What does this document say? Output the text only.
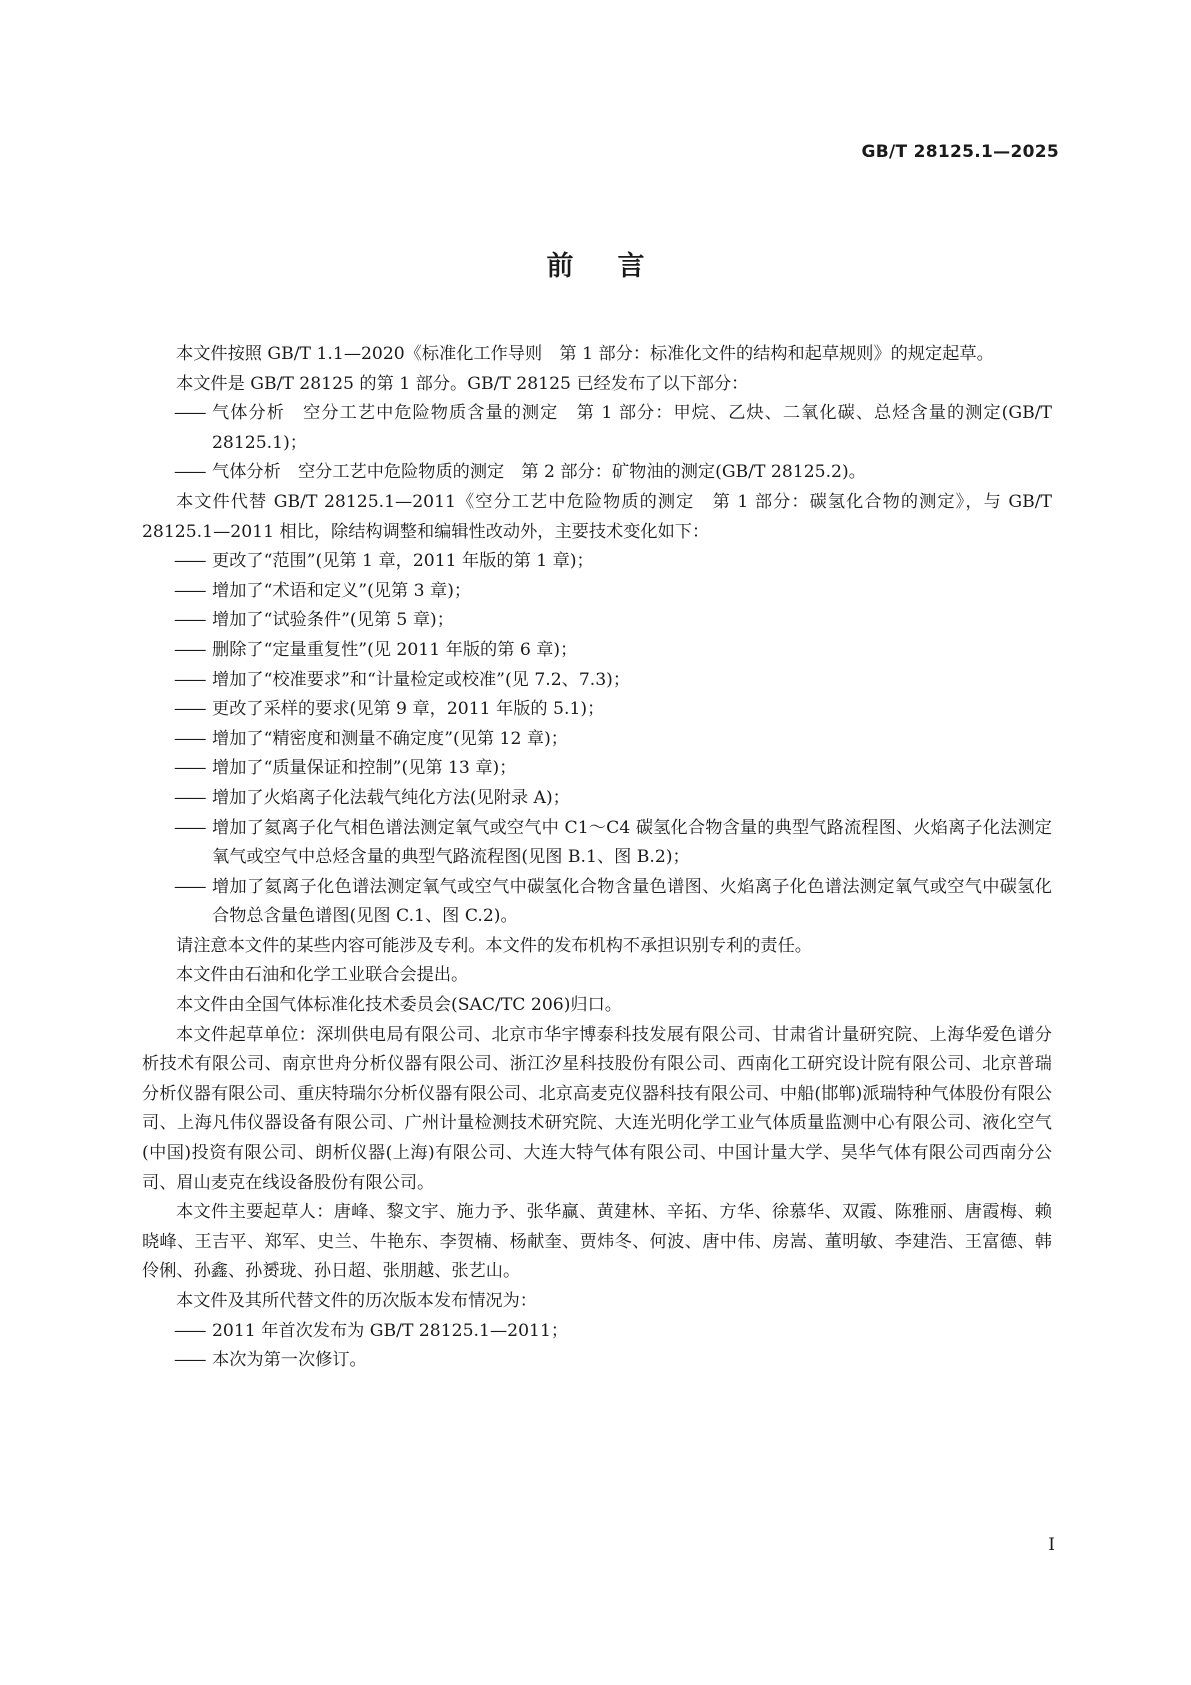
GB/T 28125.1—2025
前言

本文件按照 GB/T 1.1—2020《标准化工作导则　第 1 部分：标准化文件的结构和起草规则》的规定起草。

本文件是 GB/T 28125 的第 1 部分。GB/T 28125 已经发布了以下部分：

—— 气体分析　空分工艺中危险物质含量的测定　第 1 部分：甲烷、乙炔、二氧化碳、总烃含量的测定(GB/T 28125.1)；

—— 气体分析　空分工艺中危险物质的测定　第 2 部分：矿物油的测定(GB/T 28125.2)。

本文件代替 GB/T 28125.1—2011《空分工艺中危险物质的测定　第 1 部分：碳氢化合物的测定》，与 GB/T 28125.1—2011 相比，除结构调整和编辑性改动外，主要技术变化如下：

—— 更改了“范围”(见第 1 章，2011 年版的第 1 章)；

—— 增加了“术语和定义”(见第 3 章)；

—— 增加了“试验条件”(见第 5 章)；

—— 删除了“定量重复性”(见 2011 年版的第 6 章)；

—— 增加了“校准要求”和“计量检定或校准”(见 7.2、7.3)；

—— 更改了采样的要求(见第 9 章，2011 年版的 5.1)；

—— 增加了“精密度和测量不确定度”(见第 12 章)；

—— 增加了“质量保证和控制”(见第 13 章)；

—— 增加了火焰离子化法载气纯化方法(见附录 A)；

—— 增加了氦离子化气相色谱法测定氧气或空气中 C1～C4 碳氢化合物含量的典型气路流程图、火焰离子化法测定氧气或空气中总烃含量的典型气路流程图(见图 B.1、图 B.2)；

—— 增加了氦离子化色谱法测定氧气或空气中碳氢化合物含量色谱图、火焰离子化色谱法测定氧气或空气中碳氢化合物总含量色谱图(见图 C.1、图 C.2)。

请注意本文件的某些内容可能涉及专利。本文件的发布机构不承担识别专利的责任。

本文件由石油和化学工业联合会提出。

本文件由全国气体标准化技术委员会(SAC/TC 206)归口。

本文件起草单位：深圳供电局有限公司、北京市华宇博泰科技发展有限公司、甘肃省计量研究院、上海华爱色谱分析技术有限公司、南京世舟分析仪器有限公司、浙江汐星科技股份有限公司、西南化工研究设计院有限公司、北京普瑞分析仪器有限公司、重庆特瑞尔分析仪器有限公司、北京高麦克仪器科技有限公司、中船(邯郸)派瑞特种气体股份有限公司、上海凡伟仪器设备有限公司、广州计量检测技术研究院、大连光明化学工业气体质量监测中心有限公司、液化空气(中国)投资有限公司、朗析仪器(上海)有限公司、大连大特气体有限公司、中国计量大学、昊华气体有限公司西南分公司、眉山麦克在线设备股份有限公司。

本文件主要起草人：唐峰、黎文宇、施力予、张华赢、黄建林、辛拓、方华、徐慕华、双霞、陈雅丽、唐霞梅、赖晓峰、王吉平、郑军、史兰、牛艳东、李贺楠、杨献奎、贾炜冬、何波、唐中伟、房嵩、董明敏、李建浩、王富德、韩伶俐、孙鑫、孙赟珑、孙日超、张朋越、张艺山。

本文件及其所代替文件的历次版本发布情况为：

—— 2011 年首次发布为 GB/T 28125.1—2011；

—— 本次为第一次修订。

I
